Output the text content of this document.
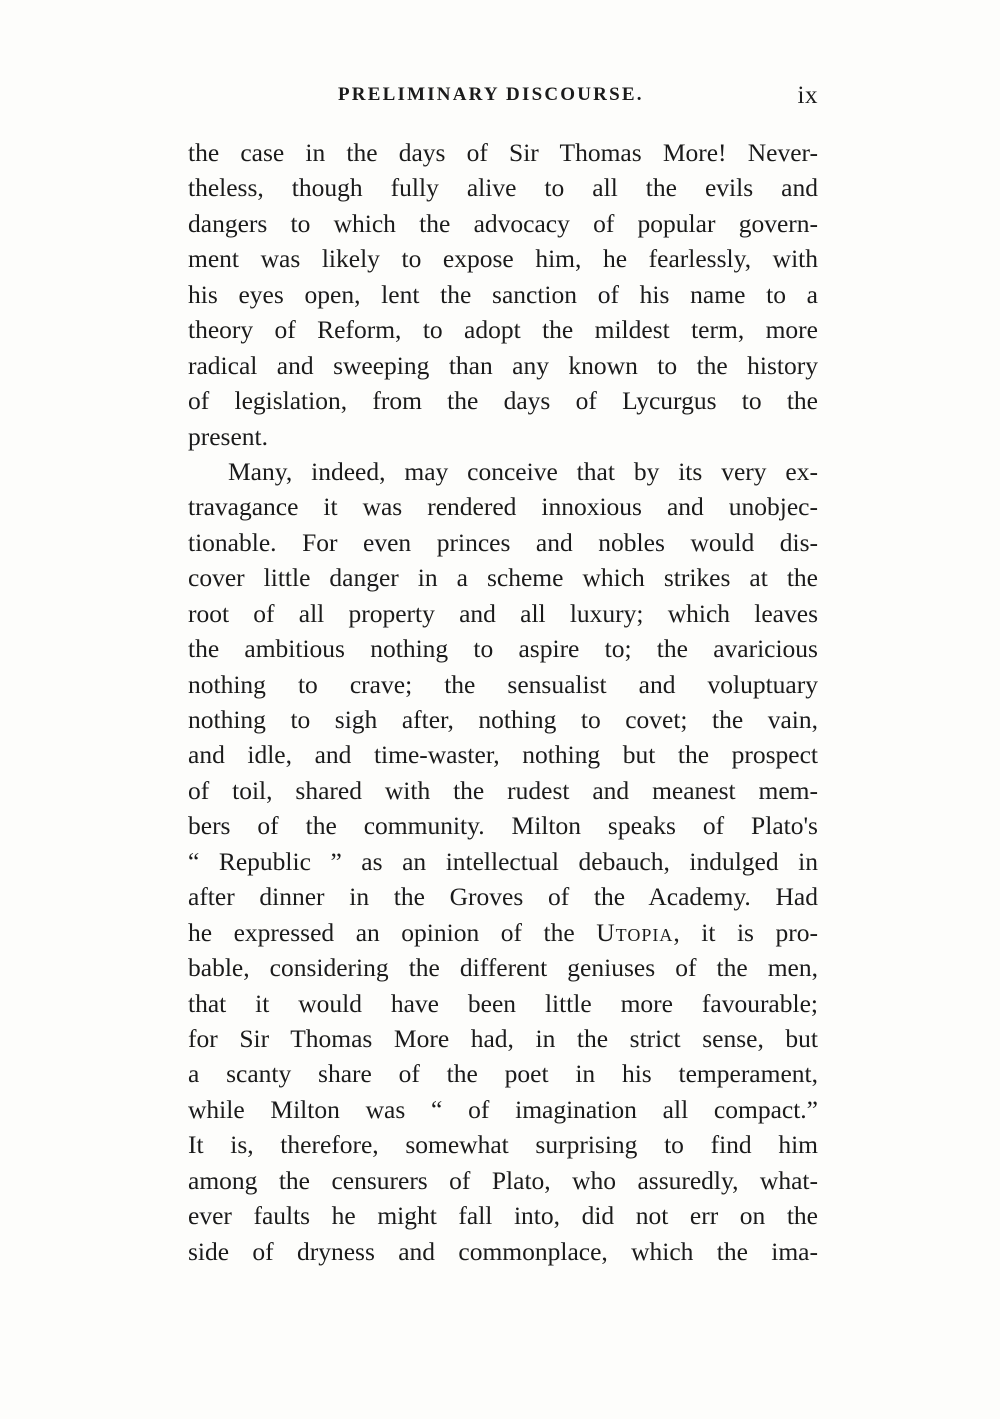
PRELIMINARY DISCOURSE.	ix
the case in the days of Sir Thomas More! Never-
theless, though fully alive to all the evils and
dangers to which the advocacy of popular govern-
ment was likely to expose him, he fearlessly, with
his eyes open, lent the sanction of his name to a
theory of Reform, to adopt the mildest term, more
radical and sweeping than any known to the history
of legislation, from the days of Lycurgus to the
present.
Many, indeed, may conceive that by its very ex-
travagance it was rendered innoxious and unobjec-
tionable. For even princes and nobles would dis-
cover little danger in a scheme which strikes at the
root of all property and all luxury; which leaves
the ambitious nothing to aspire to; the avaricious
nothing to crave; the sensualist and voluptuary
nothing to sigh after, nothing to covet; the vain,
and idle, and time-waster, nothing but the prospect
of toil, shared with the rudest and meanest mem-
bers of the community. Milton speaks of Plato's
“ Republic ” as an intellectual debauch, indulged in
after dinner in the Groves of the Academy. Had
he expressed an opinion of the Utopia, it is pro-
bable, considering the different geniuses of the men,
that it would have been little more favourable;
for Sir Thomas More had, in the strict sense, but
a scanty share of the poet in his temperament,
while Milton was “ of imagination all compact.”
It is, therefore, somewhat surprising to find him
among the censurers of Plato, who assuredly, what-
ever faults he might fall into, did not err on the
side of dryness and commonplace, which the ima-
